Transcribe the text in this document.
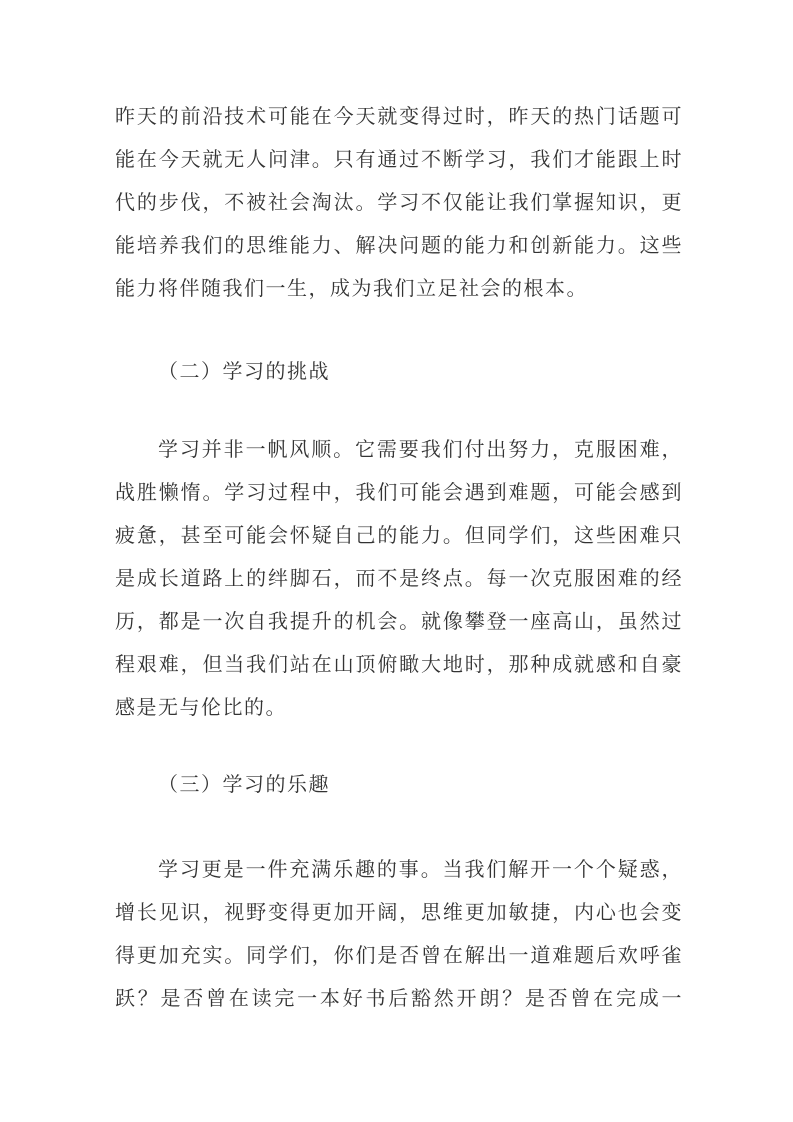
昨天的前沿技术可能在今天就变得过时，昨天的热门话题可
能在今天就无人问津。只有通过不断学习，我们才能跟上时
代的步伐，不被社会淘汰。学习不仅能让我们掌握知识，更
能培养我们的思维能力、解决问题的能力和创新能力。这些
能力将伴随我们一生，成为我们立足社会的根本。
（二）学习的挑战
学习并非一帆风顺。它需要我们付出努力，克服困难，
战胜懒惰。学习过程中，我们可能会遇到难题，可能会感到
疲惫，甚至可能会怀疑自己的能力。但同学们，这些困难只
是成长道路上的绊脚石，而不是终点。每一次克服困难的经
历，都是一次自我提升的机会。就像攀登一座高山，虽然过
程艰难，但当我们站在山顶俯瞰大地时，那种成就感和自豪
感是无与伦比的。
（三）学习的乐趣
学习更是一件充满乐趣的事。当我们解开一个个疑惑，
增长见识，视野变得更加开阔，思维更加敏捷，内心也会变
得更加充实。同学们，你们是否曾在解出一道难题后欢呼雀
跃？是否曾在读完一本好书后豁然开朗？是否曾在完成一
